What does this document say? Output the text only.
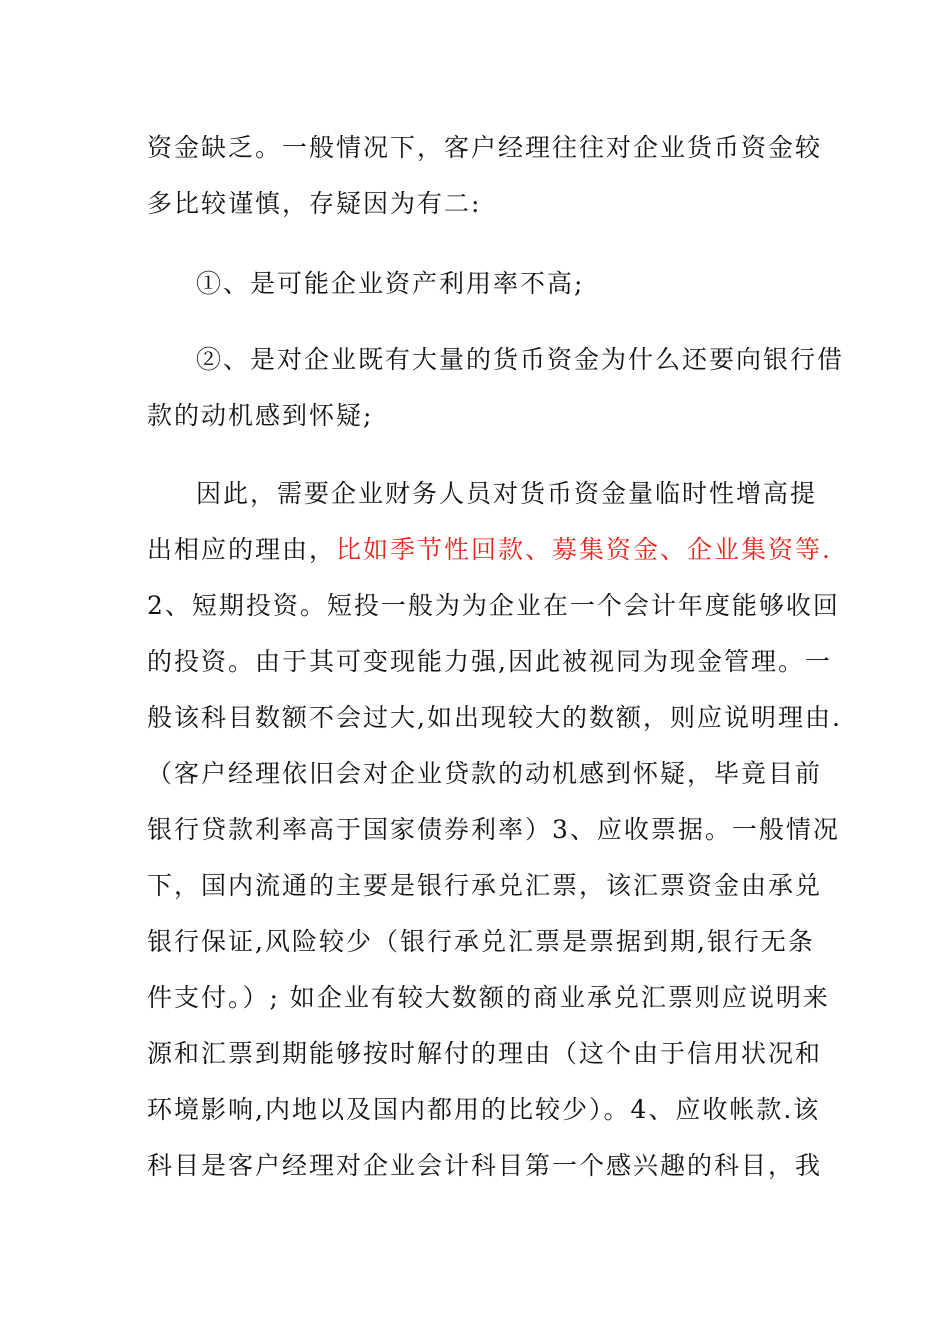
资金缺乏。一般情况下，客户经理往往对企业货币资金较
多比较谨慎，存疑因为有二:
①、是可能企业资产利用率不高;
②、是对企业既有大量的货币资金为什么还要向银行借
款的动机感到怀疑;
因此，需要企业财务人员对货币资金量临时性增高提
出相应的理由，比如季节性回款、募集资金、企业集资等.
2、短期投资。短投一般为为企业在一个会计年度能够收回
的投资。由于其可变现能力强,因此被视同为现金管理。一
般该科目数额不会过大,如出现较大的数额，则应说明理由.
（客户经理依旧会对企业贷款的动机感到怀疑，毕竟目前
银行贷款利率高于国家债券利率）3、应收票据。一般情况
下，国内流通的主要是银行承兑汇票，该汇票资金由承兑
银行保证,风险较少（银行承兑汇票是票据到期,银行无条
件支付。）; 如企业有较大数额的商业承兑汇票则应说明来
源和汇票到期能够按时解付的理由（这个由于信用状况和
环境影响,内地以及国内都用的比较少）。4、应收帐款.该
科目是客户经理对企业会计科目第一个感兴趣的科目，我
